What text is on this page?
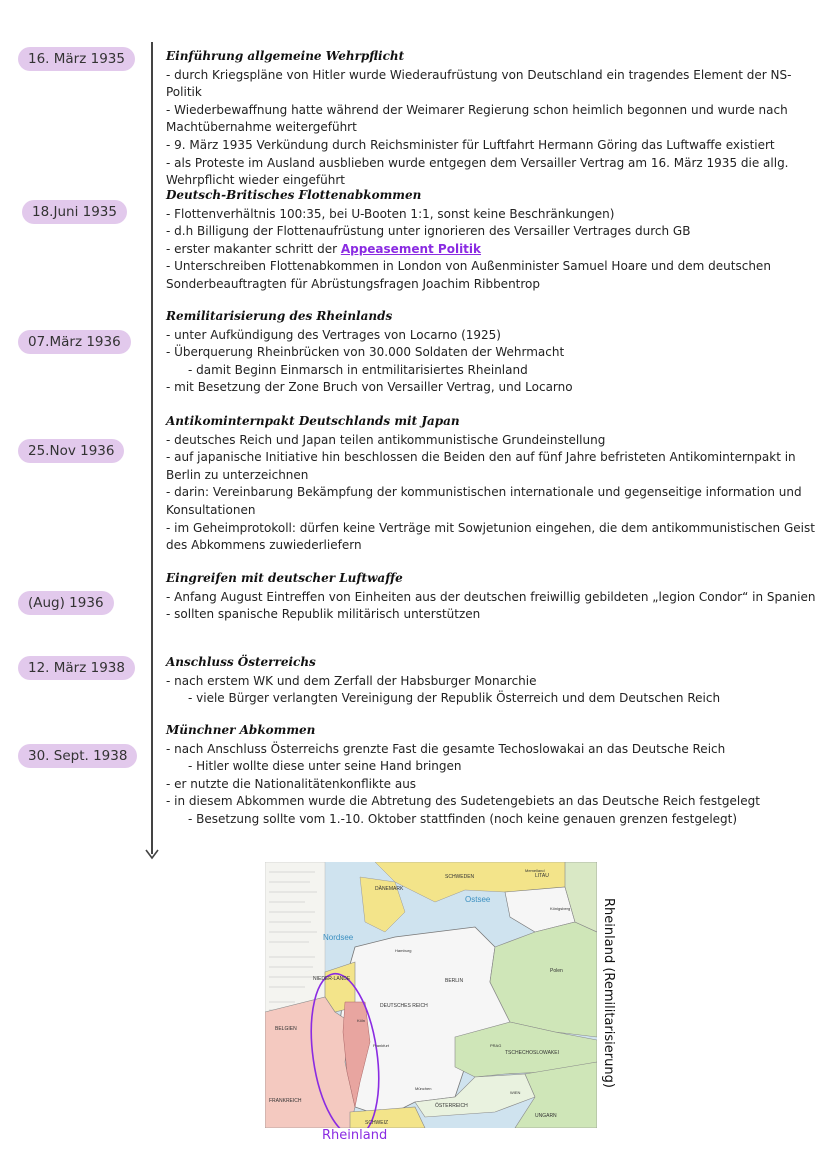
16. März 1935	Einführung allgemeine Wehrpflicht

- durch Kriegspläne von Hitler wurde Wiederaufrüstung von Deutschland ein tragendes Element der NS-Politik

- Wiederbewaffnung hatte während der Weimarer Regierung schon heimlich begonnen und wurde nach Machtübernahme weitergeführt

- 9. März 1935 Verkündung durch Reichsminister für Luftfahrt Hermann Göring das Luftwaffe existiert

- als Proteste im Ausland ausblieben wurde entgegen dem Versailler Vertrag am 16. März 1935 die allg. Wehrpflicht wieder eingeführt

18.Juni 1935
Deutsch-Britisches Flottenabkommen

- Flottenverhältnis 100:35, bei U-Booten 1:1, sonst keine Beschränkungen)

- d.h Billigung der Flottenaufrüstung unter ignorieren des Versailler Vertrages durch GB

- erster makanter schritt der Appeasement Politik

- Unterschreiben Flottenabkommen in London von Außenminister Samuel Hoare und dem deutschen Sonderbeauftragten für Abrüstungsfragen Joachim Ribbentrop

07.März 1936
Remilitarisierung des Rheinlands

- unter Aufkündigung des Vertrages von Locarno (1925)

- Überquerung Rheinbrücken von 30.000 Soldaten der Wehrmacht

- damit Beginn Einmarsch in entmilitarisiertes Rheinland

- mit Besetzung der Zone Bruch von Versailler Vertrag, und Locarno

25.Nov 1936
Antikominternpakt Deutschlands mit Japan

- deutsches Reich und Japan teilen antikommunistische Grundeinstellung

- auf japanische Initiative hin beschlossen die Beiden den auf fünf Jahre befristeten Antikominternpakt in Berlin zu unterzeichnen

- darin: Vereinbarung Bekämpfung der kommunistischen internationale und gegenseitige information und Konsultationen

- im Geheimprotokoll: dürfen keine Verträge mit Sowjetunion eingehen, die dem antikommunistischen Geist des Abkommens zuwiederliefern

(Aug) 1936
Eingreifen mit deutscher Luftwaffe

- Anfang August Eintreffen von Einheiten aus der deutschen freiwillig gebildeten „legion Condor“ in Spanien

- sollten spanische Republik militärisch unterstützen

12. März 1938	Anschluss Österreichs

- nach erstem WK und dem Zerfall der Habsburger Monarchie

- viele Bürger verlangten Vereinigung der Republik Österreich und dem Deutschen Reich

30. Sept. 1938
Münchner Abkommen

- nach Anschluss Österreichs grenzte Fast die gesamte Techoslowakai an das Deutsche Reich

- Hitler wollte diese unter seine Hand bringen

- er nutzte die Nationalitätenkonflikte aus

- in diesem Abkommen wurde die Abtretung des Sudetengebiets an das Deutsche Reich festgelegt

- Besetzung sollte vom 1.-10. Oktober stattfinden (noch keine genauen grenzen festgelegt)

DÄNEMARK
SCHWEDEN
Ostsee
Nordsee
LITAU
Memelland
Königsberg
Hamburg
BERLIN
DEUTSCHES REICH
Polen
TSCHECHOSLOWAKEI
PRAG
ÖSTERREICH
WIEN
München
UNGARN
NIEDER-LANDE
BELGIEN
Köln
Frankfurt
FRANKREICH
SCHWEIZ
Rheinland (Remilitarisierung)
Rheinland
